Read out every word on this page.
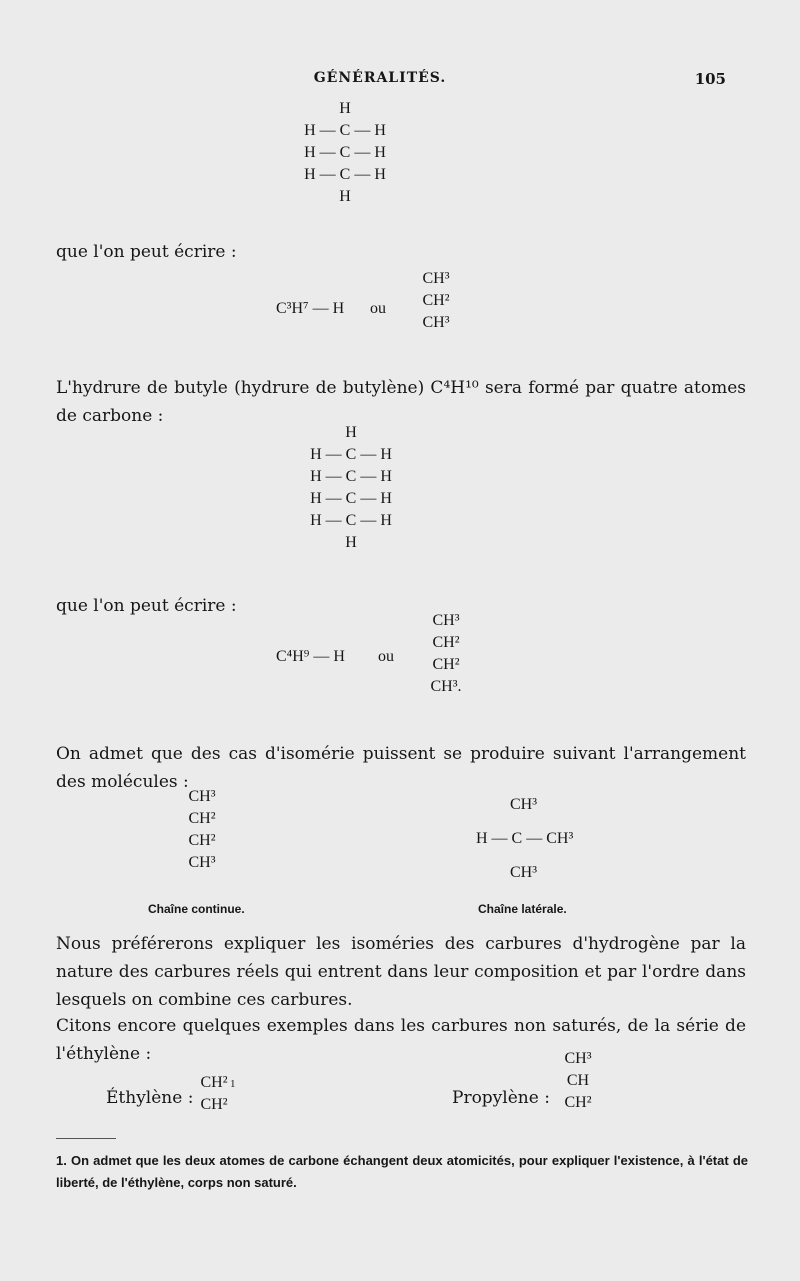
GÉNÉRALITÉS.	105
H
H — C — H
H — C — H
H — C — H
H
que l'on peut écrire :
C³H⁷ — H ou
CH³
CH²
CH³
L'hydrure de butyle (hydrure de butylène) C⁴H¹⁰ sera formé par quatre atomes de carbone :
H
H — C — H
H — C — H
H — C — H
H — C — H
H
que l'on peut écrire :
C⁴H⁹ — H ou
CH³
CH²
CH²
CH³.
On admet que des cas d'isomérie puissent se produire suivant l'arrangement des molécules :
CH³
CH²
CH²
CH³
Chaîne continue.
CH³
H — C — CH³
CH³
Chaîne latérale.
Nous préférerons expliquer les isoméries des carbures d'hydrogène par la nature des carbures réels qui entrent dans leur composition et par l'ordre dans lesquels on combine ces carbures.
Citons encore quelques exemples dans les carbures non saturés, de la série de l'éthylène :
Éthylène :
CH²
CH²
1
Propylène :
CH³
CH
CH²
1. On admet que les deux atomes de carbone échangent deux atomicités, pour expliquer l'existence, à l'état de liberté, de l'éthylène, corps non saturé.
